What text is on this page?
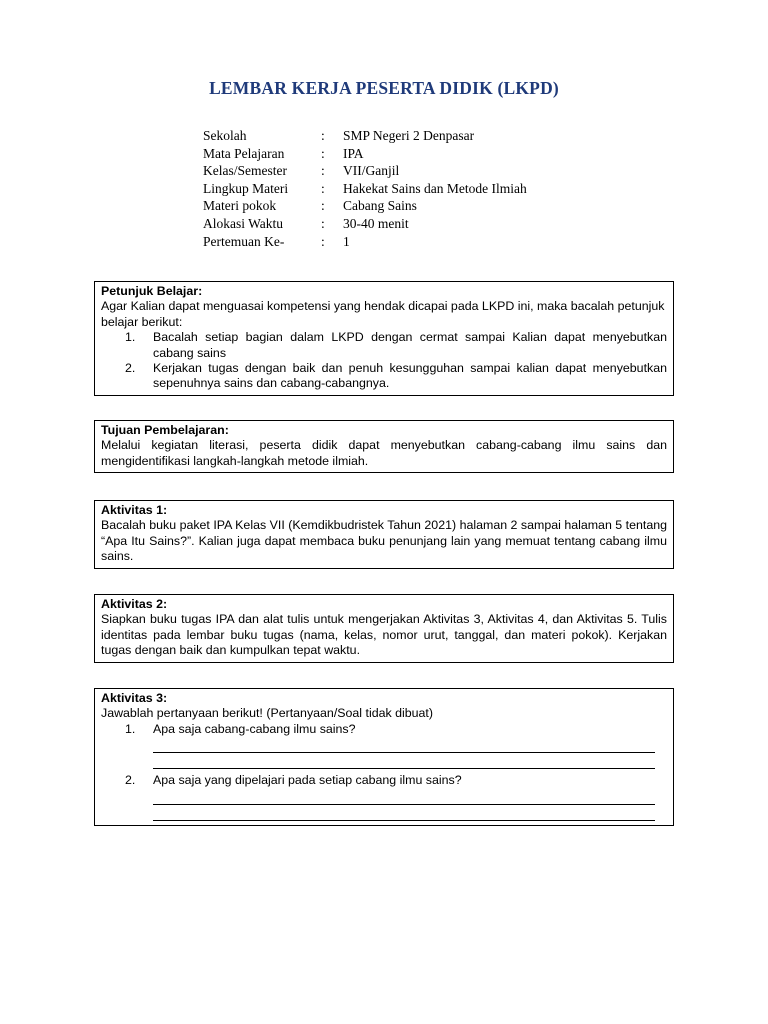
LEMBAR KERJA PESERTA DIDIK (LKPD)
Sekolah	:	SMP Negeri 2 Denpasar
Mata Pelajaran	:	IPA
Kelas/Semester	:	VII/Ganjil
Lingkup Materi	:	Hakekat Sains dan Metode Ilmiah
Materi pokok	:	Cabang Sains
Alokasi Waktu	:	30-40 menit
Pertemuan Ke-	:	1
Petunjuk Belajar:
Agar Kalian dapat menguasai kompetensi yang hendak dicapai pada LKPD ini, maka bacalah petunjuk belajar berikut:
1.	Bacalah setiap bagian dalam LKPD dengan cermat sampai Kalian dapat menyebutkan cabang sains
2.	Kerjakan tugas dengan baik dan penuh kesungguhan sampai kalian dapat menyebutkan sepenuhnya sains dan cabang-cabangnya.
Tujuan Pembelajaran:
Melalui kegiatan literasi, peserta didik dapat menyebutkan cabang-cabang ilmu sains dan mengidentifikasi langkah-langkah metode ilmiah.
Aktivitas 1:
Bacalah buku paket IPA Kelas VII (Kemdikbudristek Tahun 2021) halaman 2 sampai halaman 5 tentang “Apa Itu Sains?”. Kalian juga dapat membaca buku penunjang lain yang memuat tentang cabang ilmu sains.
Aktivitas 2:
Siapkan buku tugas IPA dan alat tulis untuk mengerjakan Aktivitas 3, Aktivitas 4, dan Aktivitas 5. Tulis identitas pada lembar buku tugas (nama, kelas, nomor urut, tanggal, dan materi pokok). Kerjakan tugas dengan baik dan kumpulkan tepat waktu.
Aktivitas 3:
Jawablah pertanyaan berikut! (Pertanyaan/Soal tidak dibuat)
1.	Apa saja cabang-cabang ilmu sains?
2.	Apa saja yang dipelajari pada setiap cabang ilmu sains?
